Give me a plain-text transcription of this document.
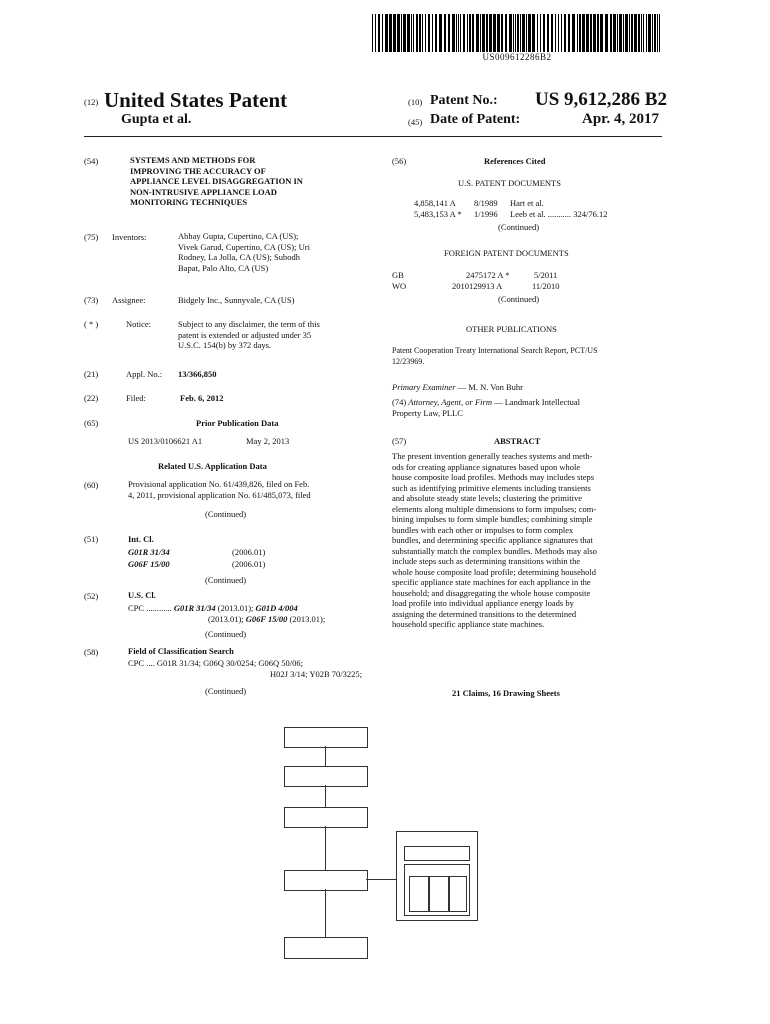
US009612286B2
(12) United States Patent
Gupta et al.
(10) Patent No.: US 9,612,286 B2
(45) Date of Patent:	Apr. 4, 2017
(54)	SYSTEMS AND METHODS FOR
IMPROVING THE ACCURACY OF
APPLIANCE LEVEL DISAGGREGATION IN
NON-INTRUSIVE APPLIANCE LOAD
MONITORING TECHNIQUES
(75) Inventors:	Abhay Gupta, Cupertino, CA (US);
Vivek Garud, Cupertino, CA (US); Uri
Rodney, La Jolla, CA (US); Subodh
Bapat, Palo Alto, CA (US)
(73) Assignee:	Bidgely Inc., Sunnyvale, CA (US)
( * )	Notice:	Subject to any disclaimer, the term of this
patent is extended or adjusted under 35
U.S.C. 154(b) by 372 days.
(21)	Appl. No.: 13/366,850
(22)	Filed:	Feb. 6, 2012
(65)	Prior Publication Data
US 2013/0106621 A1	May 2, 2013
Related U.S. Application Data
(60)	Provisional application No. 61/439,826, filed on Feb.
4, 2011, provisional application No. 61/485,073, filed
(Continued)
(51)	Int. Cl.
G01R 31/34	(2006.01)
G06F 15/00	(2006.01)
(Continued)
(52)	U.S. Cl.
CPC ............ G01R 31/34 (2013.01); G01D 4/004
(2013.01); G06F 15/00 (2013.01);
(Continued)
(58)	Field of Classification Search
CPC .... G01R 31/34; G06Q 30/0254; G06Q 50/06;
H02J 3/14; Y02B 70/3225;
(Continued)
(56)	References Cited
U.S. PATENT DOCUMENTS
4,858,141 A 8/1989 Hart et al.
5,483,153 A * 1/1996 Leeb et al. ........... 324/76.12
(Continued)
FOREIGN PATENT DOCUMENTS
GB	2475172 A *	5/2011
WO	2010129913 A	11/2010
(Continued)
OTHER PUBLICATIONS
Patent Cooperation Treaty International Search Report, PCT/US
12/23969.
Primary Examiner — M. N. Von Buhr
(74) Attorney, Agent, or Firm — Landmark Intellectual
Property Law, PLLC
(57)	ABSTRACT
The present invention generally teaches systems and meth-
ods for creating appliance signatures based upon whole
house composite load profiles. Methods may includes steps
such as identifying primitive elements including transients
and absolute steady state levels; clustering the primitive
elements along multiple dimensions to form impulses; com-
bining impulses to form simple bundles; combining simple
bundles with each other or impulses to form complex
bundles, and determining specific appliance signatures that
substantially match the complex bundles. Methods may also
include steps such as determining transitions within the
whole house composite load profile; determining household
specific appliance state machines for each appliance in the
household; and disaggregating the whole house composite
load profile into individual appliance energy loads by
assigning the determined transitions to the determined
household specific appliance state machines.
21 Claims, 16 Drawing Sheets
